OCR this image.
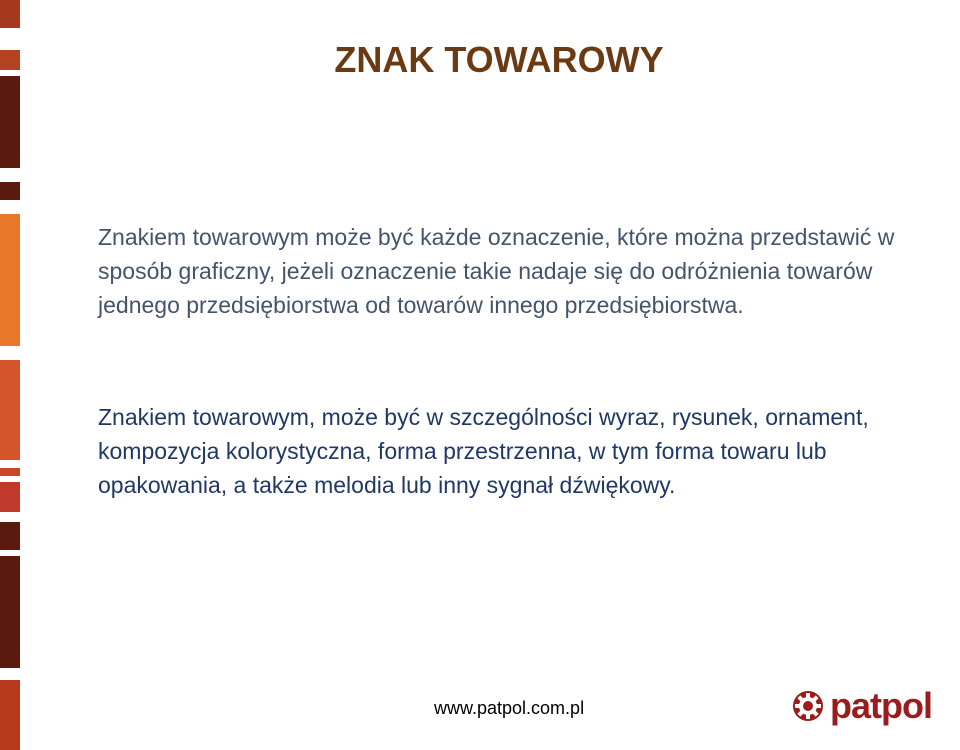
ZNAK TOWAROWY

Znakiem towarowym może być każde oznaczenie, które można przedstawić w sposób graficzny, jeżeli oznaczenie takie nadaje się do odróżnienia towarów jednego przedsiębiorstwa od towarów innego przedsiębiorstwa.

Znakiem towarowym, może być w szczególności wyraz, rysunek, ornament, kompozycja kolorystyczna, forma przestrzenna, w tym forma towaru lub opakowania, a także melodia lub inny sygnał dźwiękowy.

www.patpol.com.pl	patpol
